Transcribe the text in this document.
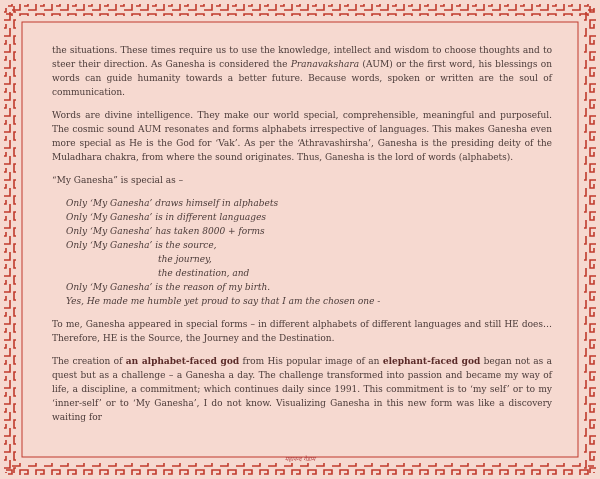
the situations. These times require us to use the knowledge, intellect and wisdom to choose thoughts and to steer their direction. As Ganesha is considered the Pranavakshara (AUM) or the first word, his blessings on words can guide humanity towards a better future. Because words, spoken or written are the soul of communication.

Words are divine intelligence. They make our world special, comprehensible, meaningful and purposeful. The cosmic sound AUM resonates and forms alphabets irrespective of languages. This makes Ganesha even more special as He is the God for ‘Vak’. As per the ‘Athravashirsha’, Ganesha is the presiding deity of the Muladhara chakra, from where the sound originates. Thus, Ganesha is the lord of words (alphabets).

“My Ganesha” is special as –

Only ‘My Ganesha’ draws himself in alphabets
Only ‘My Ganesha’ is in different languages
Only ‘My Ganesha’ has taken 8000 + forms
Only ‘My Ganesha’ is the source,
the journey,
the destination, and
Only ‘My Ganesha’ is the reason of my birth.
Yes, He made me humble yet proud to say that I am the chosen one -

To me, Ganesha appeared in special forms – in different alphabets of different languages and still HE does…Therefore, HE is the Source, the Journey and the Destination.

The creation of an alphabet-faced god from His popular image of an elephant-faced god began not as a quest but as a challenge – a Ganesha a day. The challenge transformed into passion and became my way of life, a discipline, a commitment; which continues daily since 1991. This commitment is to ‘my self’ or to my ‘inner-self’ or to ‘My Ganesha’, I do not know. Visualizing Ganesha in this new form was like a discovery waiting for

महानन्द गेडाम
